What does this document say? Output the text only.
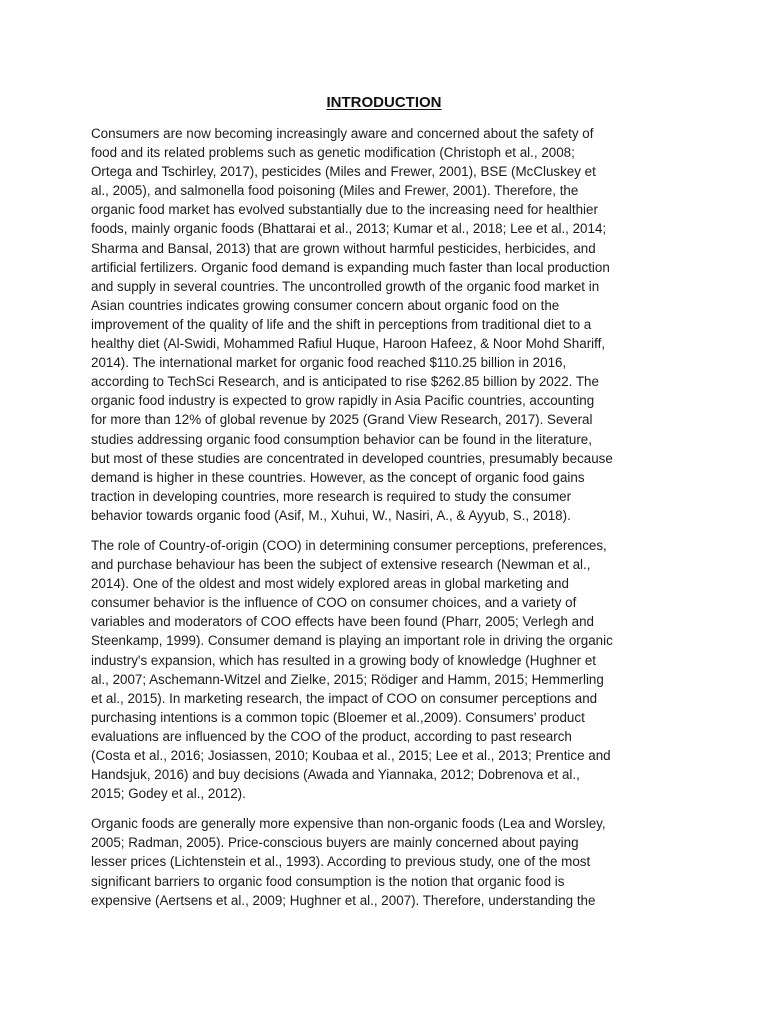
INTRODUCTION

Consumers are now becoming increasingly aware and concerned about the safety of
food and its related problems such as genetic modification (Christoph et al., 2008;
Ortega and Tschirley, 2017), pesticides (Miles and Frewer, 2001), BSE (McCluskey et
al., 2005), and salmonella food poisoning (Miles and Frewer, 2001). Therefore, the
organic food market has evolved substantially due to the increasing need for healthier
foods, mainly organic foods (Bhattarai et al., 2013; Kumar et al., 2018; Lee et al., 2014;
Sharma and Bansal, 2013) that are grown without harmful pesticides, herbicides, and
artificial fertilizers. Organic food demand is expanding much faster than local production
and supply in several countries. The uncontrolled growth of the organic food market in
Asian countries indicates growing consumer concern about organic food on the
improvement of the quality of life and the shift in perceptions from traditional diet to a
healthy diet (Al-Swidi, Mohammed Rafiul Huque, Haroon Hafeez, & Noor Mohd Shariff,
2014). The international market for organic food reached $110.25 billion in 2016,
according to TechSci Research, and is anticipated to rise $262.85 billion by 2022. The
organic food industry is expected to grow rapidly in Asia Pacific countries, accounting
for more than 12% of global revenue by 2025 (Grand View Research, 2017). Several
studies addressing organic food consumption behavior can be found in the literature,
but most of these studies are concentrated in developed countries, presumably because
demand is higher in these countries. However, as the concept of organic food gains
traction in developing countries, more research is required to study the consumer
behavior towards organic food (Asif, M., Xuhui, W., Nasiri, A., & Ayyub, S., 2018).

The role of Country-of-origin (COO) in determining consumer perceptions, preferences,
and purchase behaviour has been the subject of extensive research (Newman et al.,
2014). One of the oldest and most widely explored areas in global marketing and
consumer behavior is the influence of COO on consumer choices, and a variety of
variables and moderators of COO effects have been found (Pharr, 2005; Verlegh and
Steenkamp, 1999). Consumer demand is playing an important role in driving the organic
industry's expansion, which has resulted in a growing body of knowledge (Hughner et
al., 2007; Aschemann-Witzel and Zielke, 2015; Rödiger and Hamm, 2015; Hemmerling
et al., 2015). In marketing research, the impact of COO on consumer perceptions and
purchasing intentions is a common topic (Bloemer et al.,2009). Consumers' product
evaluations are influenced by the COO of the product, according to past research
(Costa et al., 2016; Josiassen, 2010; Koubaa et al., 2015; Lee et al., 2013; Prentice and
Handsjuk, 2016) and buy decisions (Awada and Yiannaka, 2012; Dobrenova et al.,
2015; Godey et al., 2012).

Organic foods are generally more expensive than non-organic foods (Lea and Worsley,
2005; Radman, 2005). Price-conscious buyers are mainly concerned about paying
lesser prices (Lichtenstein et al., 1993). According to previous study, one of the most
significant barriers to organic food consumption is the notion that organic food is
expensive (Aertsens et al., 2009; Hughner et al., 2007). Therefore, understanding the
